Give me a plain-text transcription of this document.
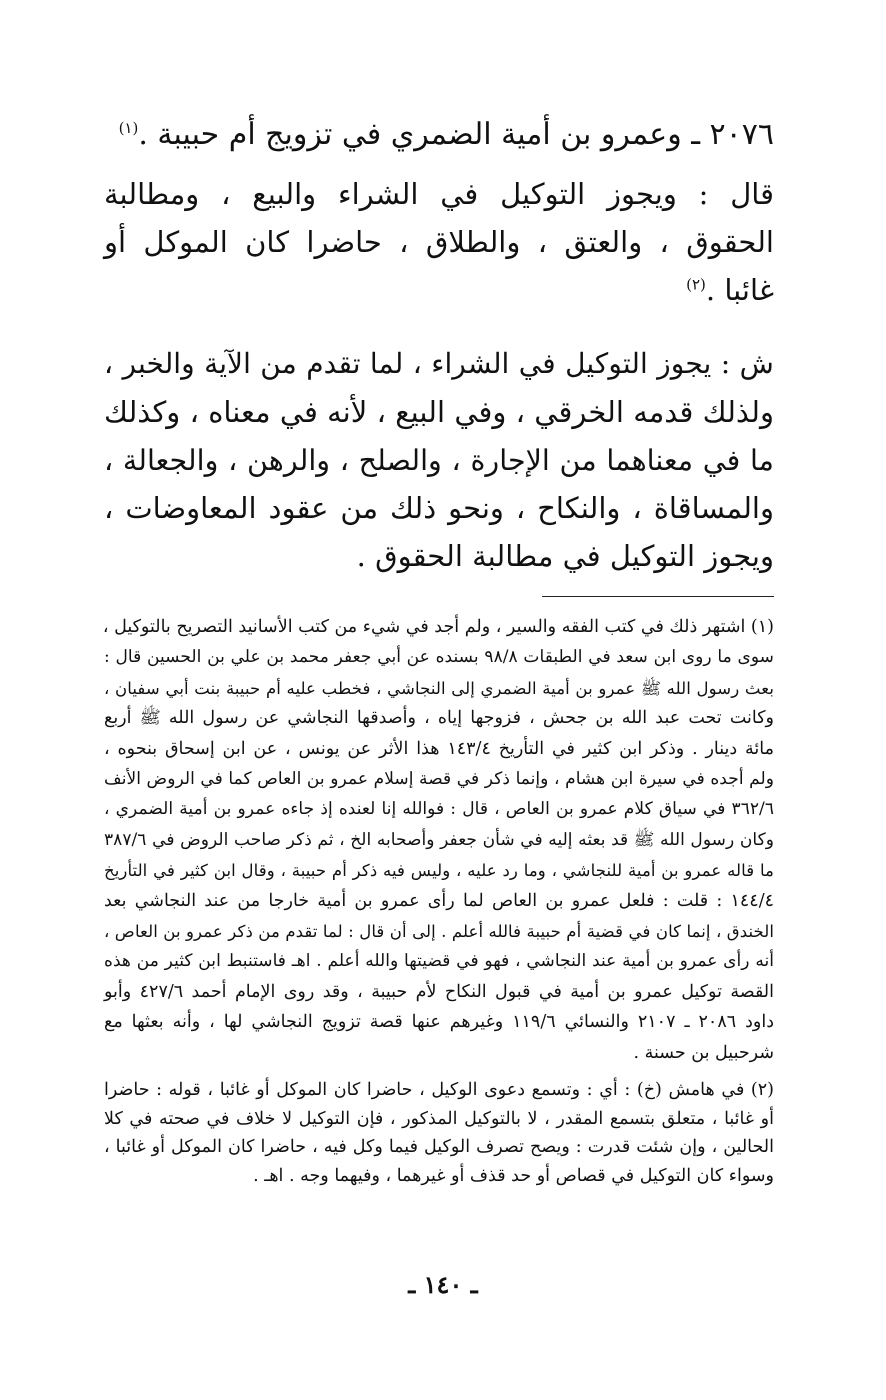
٢٠٧٦ ـ وعمرو بن أمية الضمري في تزويج أم حبيبة .$^{(١)}$
قال : ويجوز التوكيل في الشراء والبيع ، ومطالبة
الحقوق ، والعتق ، والطلاق ، حاضرا كان الموكل أو
غائبا .$^{(٢)}$
ش : يجوز التوكيل في الشراء ، لما تقدم من الآية والخبر ،
ولذلك قدمه الخرقي ، وفي البيع ، لأنه في معناه ، وكذلك
ما في معناهما من الإجارة ، والصلح ، والرهن ، والجعالة ،
والمساقاة ، والنكاح ، ونحو ذلك من عقود المعاوضات ،
ويجوز التوكيل في مطالبة الحقوق .
(١) اشتهر ذلك في كتب الفقه والسير ، ولم أجد في شيء من كتب الأسانيد التصريح بالتوكيل ،
سوى ما روى ابن سعد في الطبقات ٩٨/٨ بسنده عن أبي جعفر محمد بن علي بن الحسين قال :
بعث رسول الله ﷺ عمرو بن أمية الضمري إلى النجاشي ، فخطب عليه أم حبيبة بنت أبي سفيان ،
وكانت تحت عبد الله بن جحش ، فزوجها إياه ، وأصدقها النجاشي عن رسول الله ﷺ أربع
مائة دينار . وذكر ابن كثير في التأريخ ١٤٣/٤ هذا الأثر عن يونس ، عن ابن إسحاق بنحوه ،
ولم أجده في سيرة ابن هشام ، وإنما ذكر في قصة إسلام عمرو بن العاص كما في الروض الأنف
٣٦٢/٦ في سياق كلام عمرو بن العاص ، قال : فوالله إنا لعنده إذ جاءه عمرو بن أمية الضمري ،
وكان رسول الله ﷺ قد بعثه إليه في شأن جعفر وأصحابه الخ ، ثم ذكر صاحب الروض في ٣٨٧/٦
ما قاله عمرو بن أمية للنجاشي ، وما رد عليه ، وليس فيه ذكر أم حبيبة ، وقال ابن كثير في التأريخ
١٤٤/٤ : قلت : فلعل عمرو بن العاص لما رأى عمرو بن أمية خارجا من عند النجاشي بعد
الخندق ، إنما كان في قضية أم حبيبة فالله أعلم . إلى أن قال : لما تقدم من ذكر عمرو بن العاص ،
أنه رأى عمرو بن أمية عند النجاشي ، فهو في قضيتها والله أعلم . اهـ فاستنبط ابن كثير من هذه
القصة توكيل عمرو بن أمية في قبول النكاح لأم حبيبة ، وقد روى الإمام أحمد ٤٢٧/٦ وأبو
داود ٢٠٨٦ ـ ٢١٠٧ والنسائي ١١٩/٦ وغيرهم عنها قصة تزويج النجاشي لها ، وأنه بعثها مع
شرحبيل بن حسنة .
(٢) في هامش (خ) : أي : وتسمع دعوى الوكيل ، حاضرا كان الموكل أو غائبا ، قوله : حاضرا
أو غائبا ، متعلق بتسمع المقدر ، لا بالتوكيل المذكور ، فإن التوكيل لا خلاف في صحته في كلا
الحالين ، وإن شئت قدرت : ويصح تصرف الوكيل فيما وكل فيه ، حاضرا كان الموكل أو غائبا ،
وسواء كان التوكيل في قصاص أو حد قذف أو غيرهما ، وفيهما وجه . اهـ .
ـ ١٤٠ ـ
